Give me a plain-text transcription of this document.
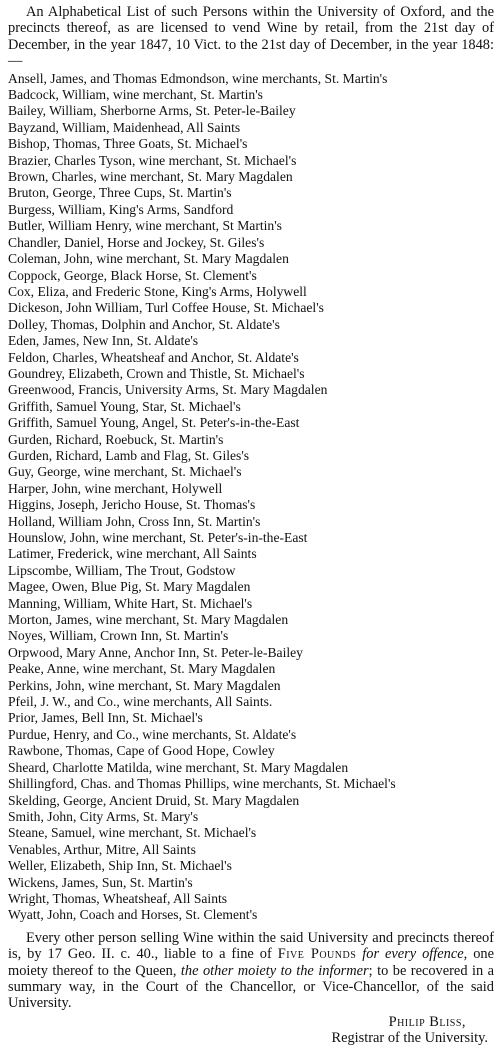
An Alphabetical List of such Persons within the University of Oxford, and the precincts thereof, as are licensed to vend Wine by retail, from the 21st day of December, in the year 1847, 10 Vict. to the 21st day of December, in the year 1848:—

Ansell, James, and Thomas Edmondson, wine merchants, St. Martin's
Badcock, William, wine merchant, St. Martin's
Bailey, William, Sherborne Arms, St. Peter-le-Bailey
Bayzand, William, Maidenhead, All Saints
Bishop, Thomas, Three Goats, St. Michael's
Brazier, Charles Tyson, wine merchant, St. Michael's
Brown, Charles, wine merchant, St. Mary Magdalen
Bruton, George, Three Cups, St. Martin's
Burgess, William, King's Arms, Sandford
Butler, William Henry, wine merchant, St Martin's
Chandler, Daniel, Horse and Jockey, St. Giles's
Coleman, John, wine merchant, St. Mary Magdalen
Coppock, George, Black Horse, St. Clement's
Cox, Eliza, and Frederic Stone, King's Arms, Holywell
Dickeson, John William, Turl Coffee House, St. Michael's
Dolley, Thomas, Dolphin and Anchor, St. Aldate's
Eden, James, New Inn, St. Aldate's
Feldon, Charles, Wheatsheaf and Anchor, St. Aldate's
Goundrey, Elizabeth, Crown and Thistle, St. Michael's
Greenwood, Francis, University Arms, St. Mary Magdalen
Griffith, Samuel Young, Star, St. Michael's
Griffith, Samuel Young, Angel, St. Peter's-in-the-East
Gurden, Richard, Roebuck, St. Martin's
Gurden, Richard, Lamb and Flag, St. Giles's
Guy, George, wine merchant, St. Michael's
Harper, John, wine merchant, Holywell
Higgins, Joseph, Jericho House, St. Thomas's
Holland, William John, Cross Inn, St. Martin's
Hounslow, John, wine merchant, St. Peter's-in-the-East
Latimer, Frederick, wine merchant, All Saints
Lipscombe, William, The Trout, Godstow
Magee, Owen, Blue Pig, St. Mary Magdalen
Manning, William, White Hart, St. Michael's
Morton, James, wine merchant, St. Mary Magdalen
Noyes, William, Crown Inn, St. Martin's
Orpwood, Mary Anne, Anchor Inn, St. Peter-le-Bailey
Peake, Anne, wine merchant, St. Mary Magdalen
Perkins, John, wine merchant, St. Mary Magdalen
Pfeil, J. W., and Co., wine merchants, All Saints.
Prior, James, Bell Inn, St. Michael's
Purdue, Henry, and Co., wine merchants, St. Aldate's
Rawbone, Thomas, Cape of Good Hope, Cowley
Sheard, Charlotte Matilda, wine merchant, St. Mary Magdalen
Shillingford, Chas. and Thomas Phillips, wine merchants, St. Michael's
Skelding, George, Ancient Druid, St. Mary Magdalen
Smith, John, City Arms, St. Mary's
Steane, Samuel, wine merchant, St. Michael's
Venables, Arthur, Mitre, All Saints
Weller, Elizabeth, Ship Inn, St. Michael's
Wickens, James, Sun, St. Martin's
Wright, Thomas, Wheatsheaf, All Saints
Wyatt, John, Coach and Horses, St. Clement's

Every other person selling Wine within the said University and precincts thereof is, by 17 Geo. II. c. 40., liable to a fine of Five Pounds for every offence, one moiety thereof to the Queen, the other moiety to the informer; to be recovered in a summary way, in the Court of the Chancellor, or Vice-Chancellor, of the said University.

Philip Bliss,
Registrar of the University.
